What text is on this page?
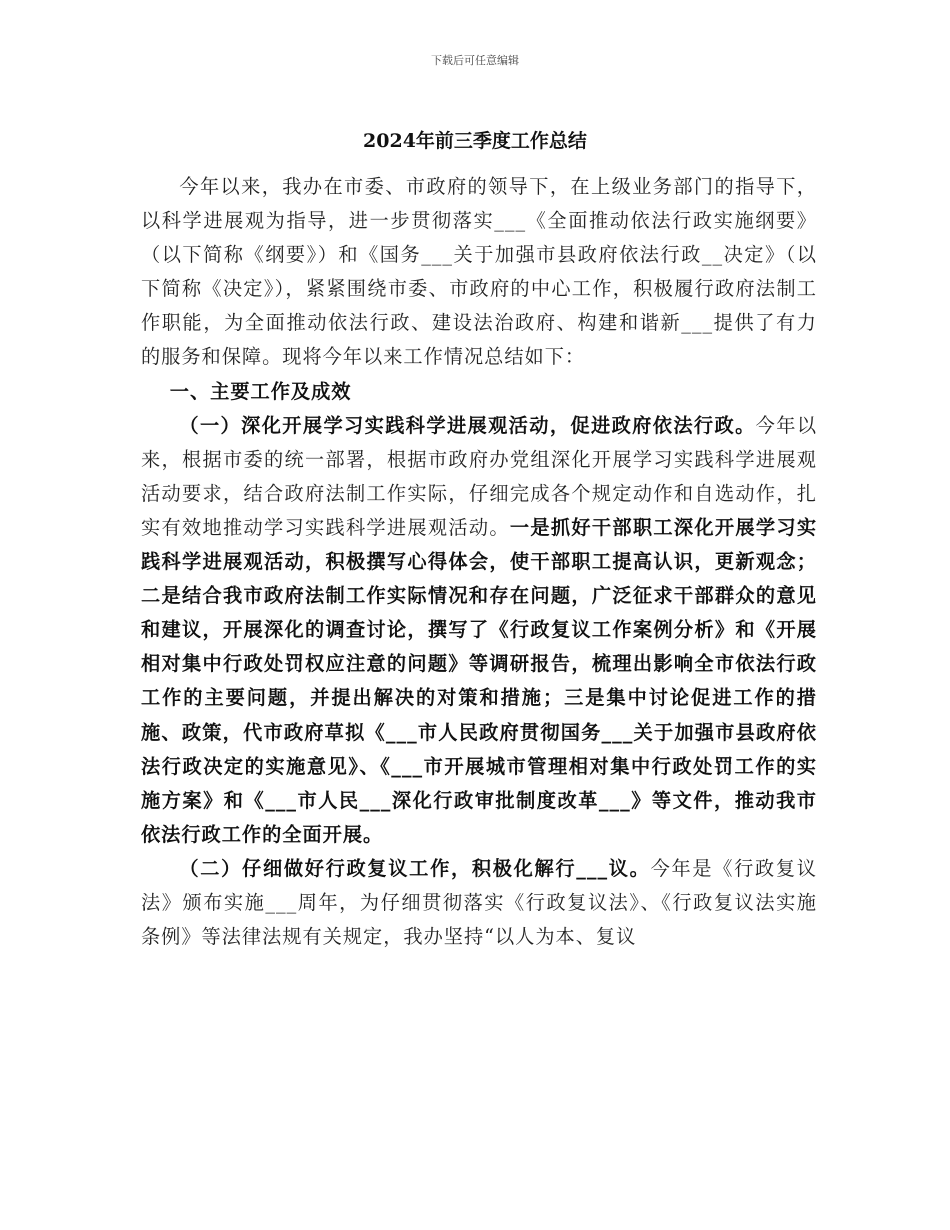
下载后可任意编辑
2024年前三季度工作总结

今年以来，我办在市委、市政府的领导下，在上级业务部门的指导下，以科学进展观为指导，进一步贯彻落实___《全面推动依法行政实施纲要》（以下简称《纲要》）和《国务___关于加强市县政府依法行政__决定》（以下简称《决定》），紧紧围绕市委、市政府的中心工作，积极履行政府法制工作职能，为全面推动依法行政、建设法治政府、构建和谐新___提供了有力的服务和保障。现将今年以来工作情况总结如下：

一、主要工作及成效

（一）深化开展学习实践科学进展观活动，促进政府依法行政。今年以来，根据市委的统一部署，根据市政府办党组深化开展学习实践科学进展观活动要求，结合政府法制工作实际，仔细完成各个规定动作和自选动作，扎实有效地推动学习实践科学进展观活动。一是抓好干部职工深化开展学习实践科学进展观活动，积极撰写心得体会，使干部职工提高认识，更新观念；二是结合我市政府法制工作实际情况和存在问题，广泛征求干部群众的意见和建议，开展深化的调查讨论，撰写了《行政复议工作案例分析》和《开展相对集中行政处罚权应注意的问题》等调研报告，梳理出影响全市依法行政工作的主要问题，并提出解决的对策和措施；三是集中讨论促进工作的措施、政策，代市政府草拟《___市人民政府贯彻国务___关于加强市县政府依法行政决定的实施意见》、《___市开展城市管理相对集中行政处罚工作的实施方案》和《___市人民___深化行政审批制度改革___》等文件，推动我市依法行政工作的全面开展。

（二）仔细做好行政复议工作，积极化解行___议。今年是《行政复议法》颁布实施___周年，为仔细贯彻落实《行政复议法》、《行政复议法实施条例》等法律法规有关规定，我办坚持“以人为本、复议
